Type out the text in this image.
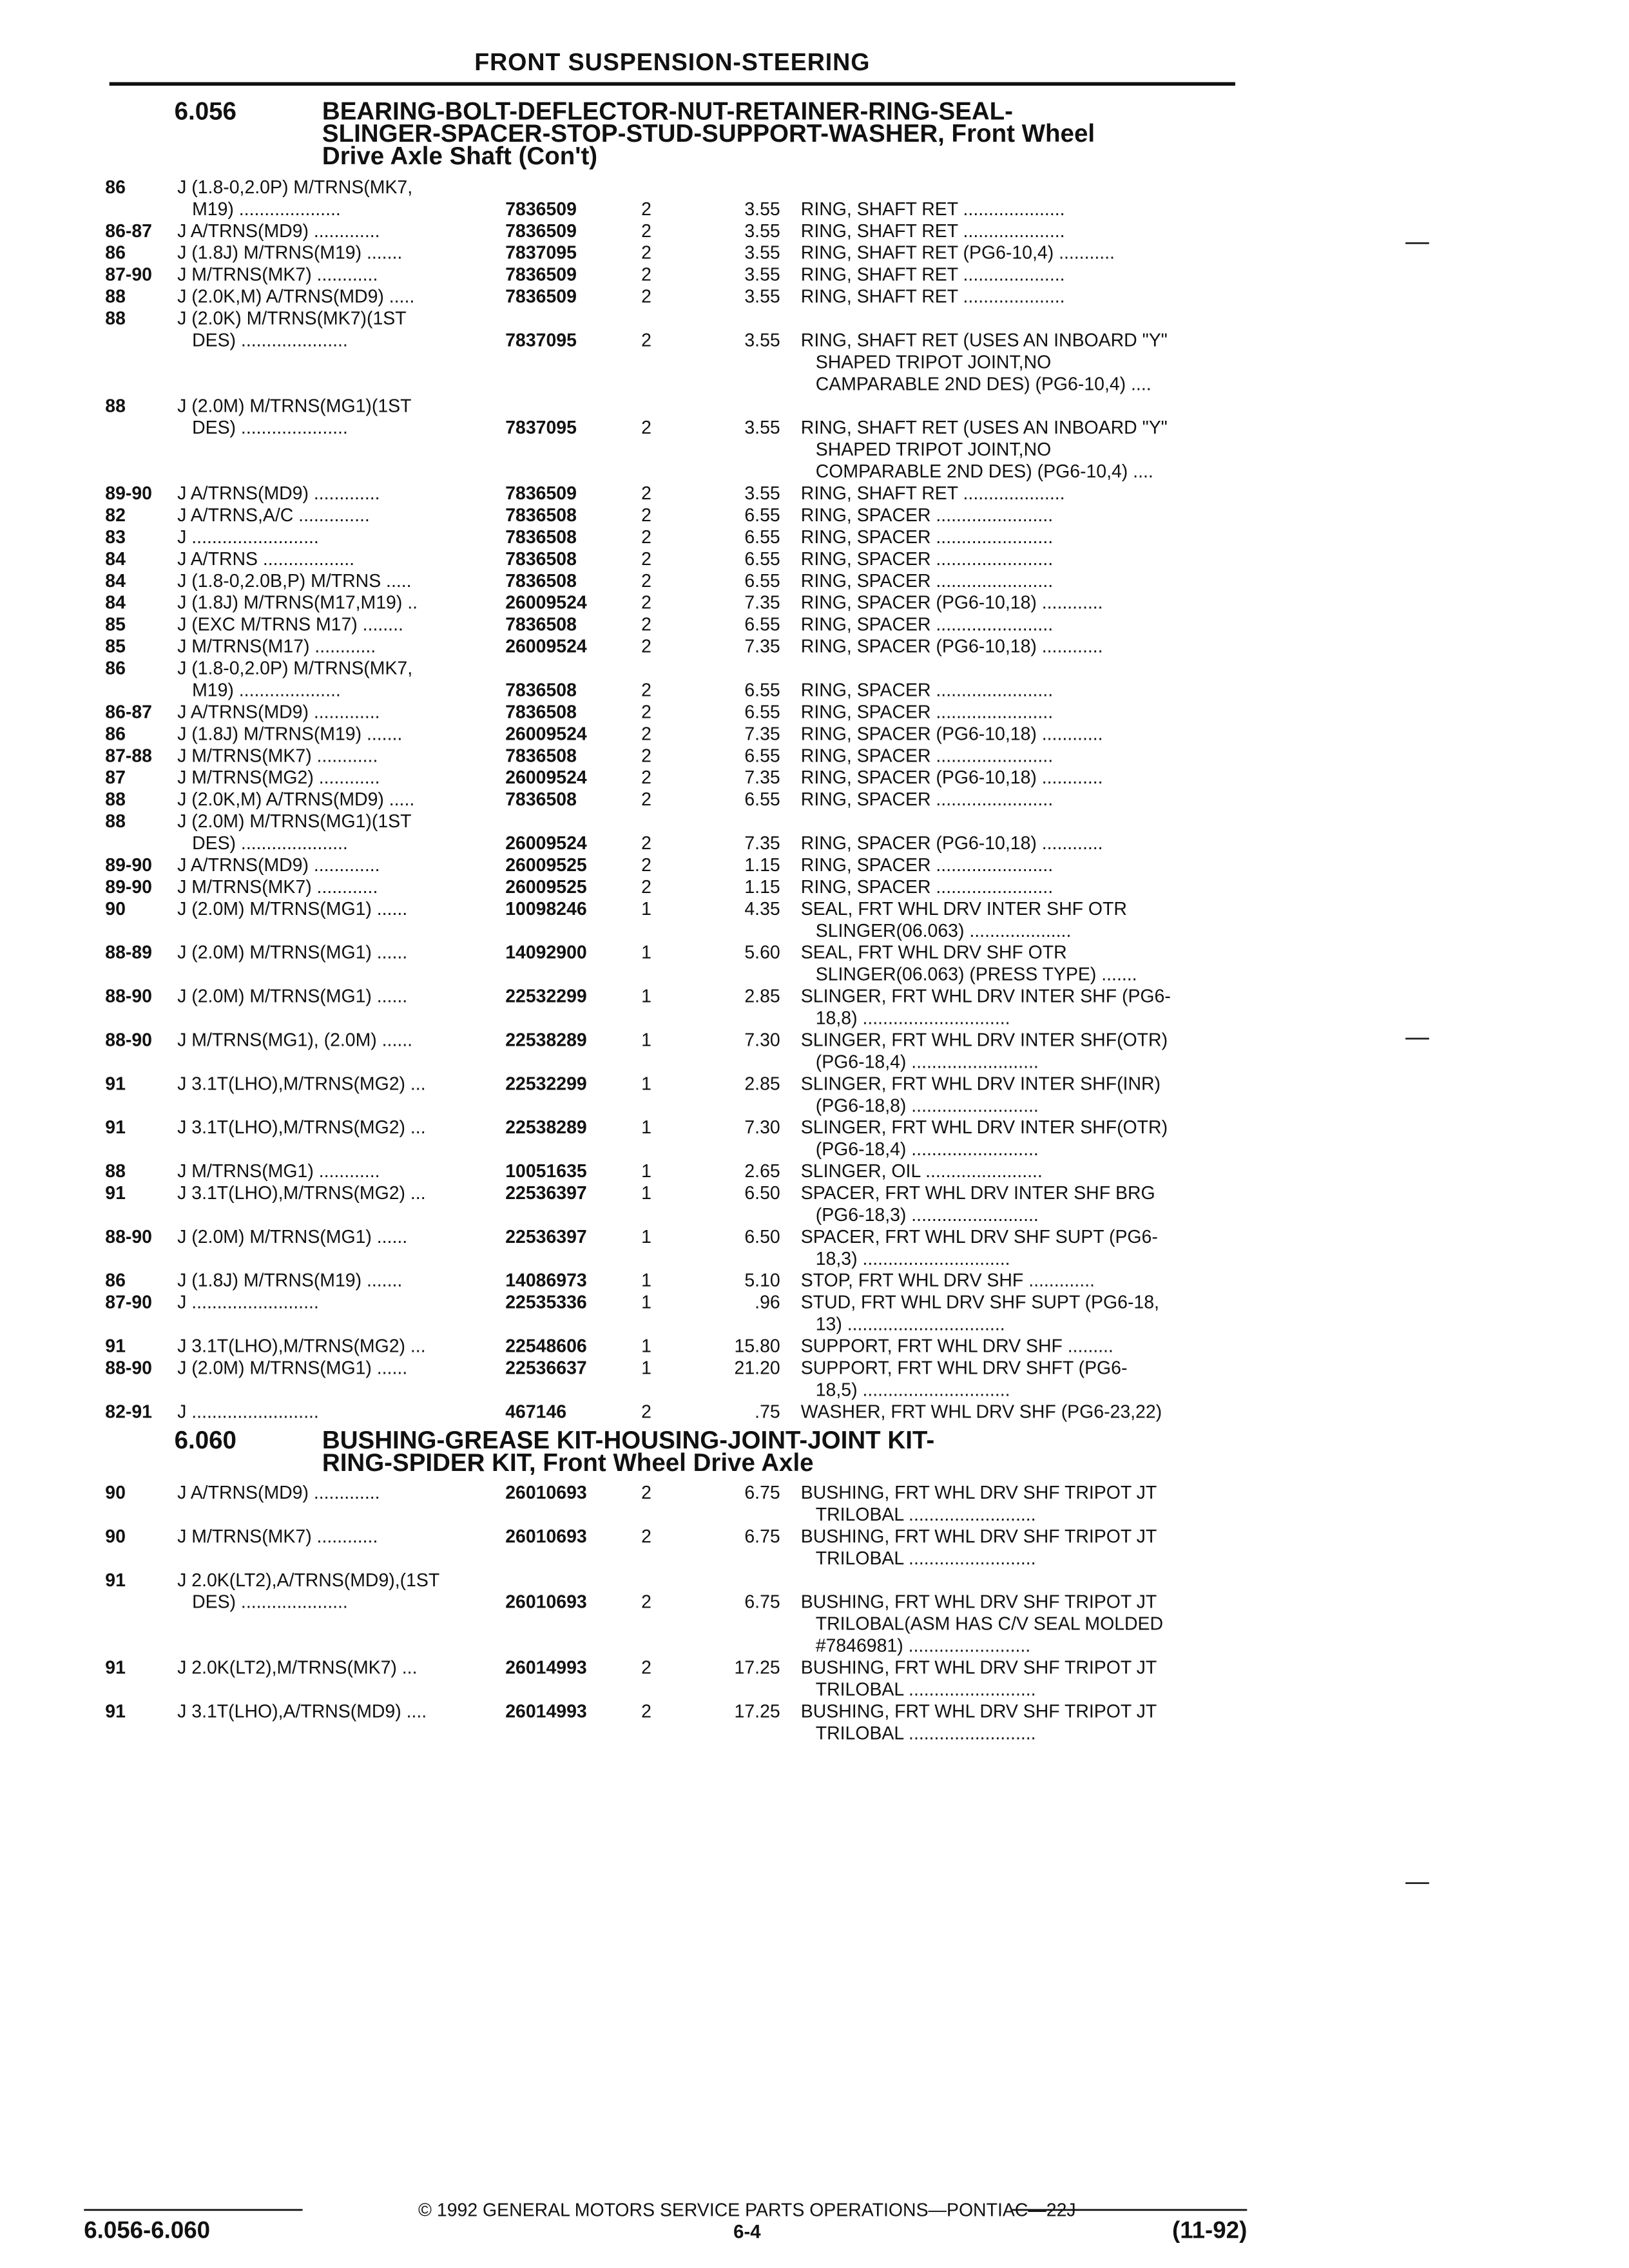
FRONT SUSPENSION-STEERING
6.056	BEARING-BOLT-DEFLECTOR-NUT-RETAINER-RING-SEAL-
SLINGER-SPACER-STOP-STUD-SUPPORT-WASHER, Front Wheel
Drive Axle Shaft (Con't)
86	J (1.8-0,2.0P) M/TRNS(MK7,
M19) ....................	7836509	2	3.55 RING, SHAFT RET ....................
86-87 J A/TRNS(MD9) .............	7836509	2	3.55 RING, SHAFT RET ....................
86	J (1.8J) M/TRNS(M19) .......	7837095	2	3.55 RING, SHAFT RET (PG6-10,4) ...........
87-90 J M/TRNS(MK7) ............	7836509	2	3.55 RING, SHAFT RET ....................
88	J (2.0K,M) A/TRNS(MD9) .....	7836509	2	3.55 RING, SHAFT RET ....................
88	J (2.0K) M/TRNS(MK7)(1ST
DES) .....................	7837095	2	3.55 RING, SHAFT RET (USES AN INBOARD "Y"
SHAPED TRIPOT JOINT,NO
CAMPARABLE 2ND DES) (PG6-10,4) ....
88	J (2.0M) M/TRNS(MG1)(1ST
DES) .....................	7837095	2	3.55 RING, SHAFT RET (USES AN INBOARD "Y"
SHAPED TRIPOT JOINT,NO
COMPARABLE 2ND DES) (PG6-10,4) ....
89-90 J A/TRNS(MD9) .............	7836509	2	3.55 RING, SHAFT RET ....................
82	J A/TRNS,A/C ..............	7836508	2	6.55 RING, SPACER .......................
83	J .........................	7836508	2	6.55 RING, SPACER .......................
84	J A/TRNS ..................	7836508	2	6.55 RING, SPACER .......................
84	J (1.8-0,2.0B,P) M/TRNS .....	7836508	2	6.55 RING, SPACER .......................
84	J (1.8J) M/TRNS(M17,M19) ..	26009524	2	7.35 RING, SPACER (PG6-10,18) ............
85	J (EXC M/TRNS M17) ........	7836508	2	6.55 RING, SPACER .......................
85	J M/TRNS(M17) ............	26009524	2	7.35 RING, SPACER (PG6-10,18) ............
86	J (1.8-0,2.0P) M/TRNS(MK7,
M19) ....................	7836508	2	6.55 RING, SPACER .......................
86-87 J A/TRNS(MD9) .............	7836508	2	6.55 RING, SPACER .......................
86	J (1.8J) M/TRNS(M19) .......	26009524	2	7.35 RING, SPACER (PG6-10,18) ............
87-88 J M/TRNS(MK7) ............	7836508	2	6.55 RING, SPACER .......................
87	J M/TRNS(MG2) ............	26009524	2	7.35 RING, SPACER (PG6-10,18) ............
88	J (2.0K,M) A/TRNS(MD9) .....	7836508	2	6.55 RING, SPACER .......................
88	J (2.0M) M/TRNS(MG1)(1ST
DES) .....................	26009524	2	7.35 RING, SPACER (PG6-10,18) ............
89-90 J A/TRNS(MD9) .............	26009525	2	1.15 RING, SPACER .......................
89-90 J M/TRNS(MK7) ............	26009525	2	1.15 RING, SPACER .......................
90	J (2.0M) M/TRNS(MG1) ......	10098246	1	4.35 SEAL, FRT WHL DRV INTER SHF OTR
SLINGER(06.063) ....................
88-89 J (2.0M) M/TRNS(MG1) ......	14092900	1	5.60 SEAL, FRT WHL DRV SHF OTR
SLINGER(06.063) (PRESS TYPE) .......
88-90 J (2.0M) M/TRNS(MG1) ......	22532299	1	2.85 SLINGER, FRT WHL DRV INTER SHF (PG6-
18,8) .............................
88-90 J M/TRNS(MG1), (2.0M) ......	22538289	1	7.30 SLINGER, FRT WHL DRV INTER SHF(OTR)
(PG6-18,4) .........................
91	J 3.1T(LHO),M/TRNS(MG2) ...	22532299	1	2.85 SLINGER, FRT WHL DRV INTER SHF(INR)
(PG6-18,8) .........................
91	J 3.1T(LHO),M/TRNS(MG2) ...	22538289	1	7.30 SLINGER, FRT WHL DRV INTER SHF(OTR)
(PG6-18,4) .........................
88	J M/TRNS(MG1) ............	10051635	1	2.65 SLINGER, OIL .......................
91	J 3.1T(LHO),M/TRNS(MG2) ...	22536397	1	6.50 SPACER, FRT WHL DRV INTER SHF BRG
(PG6-18,3) .........................
88-90 J (2.0M) M/TRNS(MG1) ......	22536397	1	6.50 SPACER, FRT WHL DRV SHF SUPT (PG6-
18,3) .............................
86	J (1.8J) M/TRNS(M19) .......	14086973	1	5.10 STOP, FRT WHL DRV SHF .............
87-90 J .........................	22535336	1	.96 STUD, FRT WHL DRV SHF SUPT (PG6-18,
13) ...............................
91	J 3.1T(LHO),M/TRNS(MG2) ...	22548606	1	15.80 SUPPORT, FRT WHL DRV SHF .........
88-90 J (2.0M) M/TRNS(MG1) ......	22536637	1	21.20 SUPPORT, FRT WHL DRV SHFT (PG6-
18,5) .............................
82-91 J .........................	467146	2	.75 WASHER, FRT WHL DRV SHF (PG6-23,22)
6.060	BUSHING-GREASE KIT-HOUSING-JOINT-JOINT KIT-
RING-SPIDER KIT, Front Wheel Drive Axle
90	J A/TRNS(MD9) .............	26010693	2	6.75 BUSHING, FRT WHL DRV SHF TRIPOT JT
TRILOBAL .........................
90	J M/TRNS(MK7) ............	26010693	2	6.75 BUSHING, FRT WHL DRV SHF TRIPOT JT
TRILOBAL .........................
91	J 2.0K(LT2),A/TRNS(MD9),(1ST
DES) .....................	26010693	2	6.75 BUSHING, FRT WHL DRV SHF TRIPOT JT
TRILOBAL(ASM HAS C/V SEAL MOLDED
#7846981) ........................
91	J 2.0K(LT2),M/TRNS(MK7) ...	26014993	2	17.25 BUSHING, FRT WHL DRV SHF TRIPOT JT
TRILOBAL .........................
91	J 3.1T(LHO),A/TRNS(MD9) ....	26014993	2	17.25 BUSHING, FRT WHL DRV SHF TRIPOT JT
TRILOBAL .........................
© 1992 GENERAL MOTORS SERVICE PARTS OPERATIONS—PONTIAC—22J
6.056-6.060	6-4	(11-92)
